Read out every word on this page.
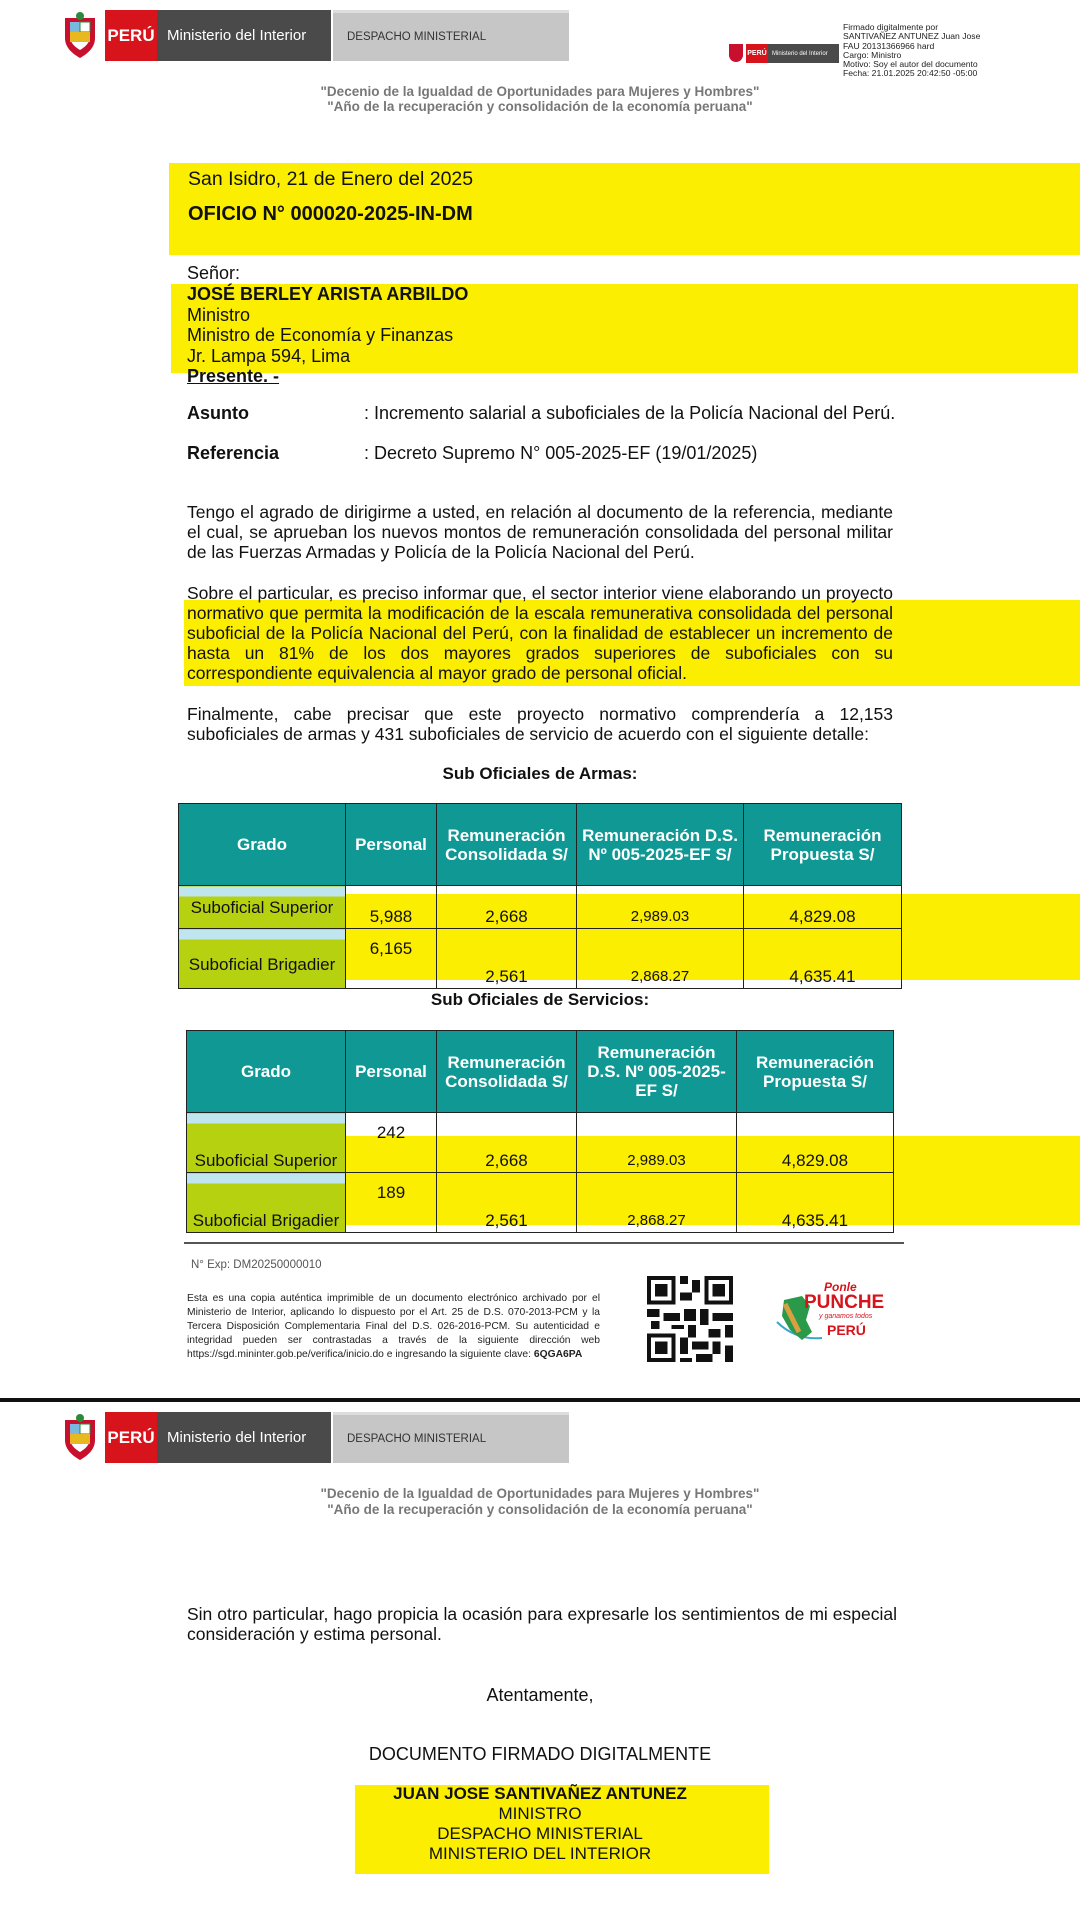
PERÚ Ministerio del Interior	DESPACHO MINISTERIAL
PERÚ Ministerio del Interior
Firmado digitalmente por
SANTIVAÑEZ ANTUNEZ Juan Jose
FAU 20131366966 hard
Cargo: Ministro
Motivo: Soy el autor del documento
Fecha: 21.01.2025 20:42:50 -05:00
"Decenio de la Igualdad de Oportunidades para Mujeres y Hombres"
"Año de la recuperación y consolidación de la economía peruana"
San Isidro, 21 de Enero del 2025
OFICIO N° 000020-2025-IN-DM
Señor:
JOSÉ BERLEY ARISTA ARBILDO
Ministro
Ministro de Economía y Finanzas
Jr. Lampa 594, Lima
Presente. -
Asunto	: Incremento salarial a suboficiales de la Policía Nacional del Perú.
Referencia	: Decreto Supremo N° 005-2025-EF (19/01/2025)
Tengo el agrado de dirigirme a usted, en relación al documento de la referencia, mediante el cual, se aprueban los nuevos montos de remuneración consolidada del personal militar de las Fuerzas Armadas y Policía de la Policía Nacional del Perú.
Sobre el particular, es preciso informar que, el sector interior viene elaborando un proyecto normativo que permita la modificación de la escala remunerativa consolidada del personal suboficial de la Policía Nacional del Perú, con la finalidad de establecer un incremento de hasta un 81% de los dos mayores grados superiores de suboficiales con su correspondiente equivalencia al mayor grado de personal oficial.
Finalmente, cabe precisar que este proyecto normativo comprendería a 12,153 suboficiales de armas y 431 suboficiales de servicio de acuerdo con el siguiente detalle:
Sub Oficiales de Armas:
Grado	Personal	Remuneración Consolidada S/	Remuneración D.S. Nº 005-2025-EF S/	Remuneración Propuesta S/
Suboficial Superior	5,988	2,668	2,989.03	4,829.08
Suboficial Brigadier	6,165	2,561	2,868.27	4,635.41
Sub Oficiales de Servicios:
Grado	Personal	Remuneración Consolidada S/	Remuneración D.S. Nº 005-2025-EF S/	Remuneración Propuesta S/
Suboficial Superior	242	2,668	2,989.03	4,829.08
Suboficial Brigadier	189	2,561	2,868.27	4,635.41
N° Exp: DM20250000010
Esta es una copia auténtica imprimible de un documento electrónico archivado por el Ministerio de Interior, aplicando lo dispuesto por el Art. 25 de D.S. 070-2013-PCM y la Tercera Disposición Complementaria Final del D.S. 026-2016-PCM. Su autenticidad e integridad pueden ser contrastadas a través de la siguiente dirección web https://sgd.mininter.gob.pe/verifica/inicio.do e ingresando la siguiente clave: 6QGA6PA
Ponle
PUNCHE
y ganamos todos
PERÚ
PERÚ Ministerio del Interior	DESPACHO MINISTERIAL
"Decenio de la Igualdad de Oportunidades para Mujeres y Hombres"
"Año de la recuperación y consolidación de la economía peruana"
Sin otro particular, hago propicia la ocasión para expresarle los sentimientos de mi especial consideración y estima personal.
Atentamente,
DOCUMENTO FIRMADO DIGITALMENTE
JUAN JOSE SANTIVAÑEZ ANTUNEZ
MINISTRO
DESPACHO MINISTERIAL
MINISTERIO DEL INTERIOR
